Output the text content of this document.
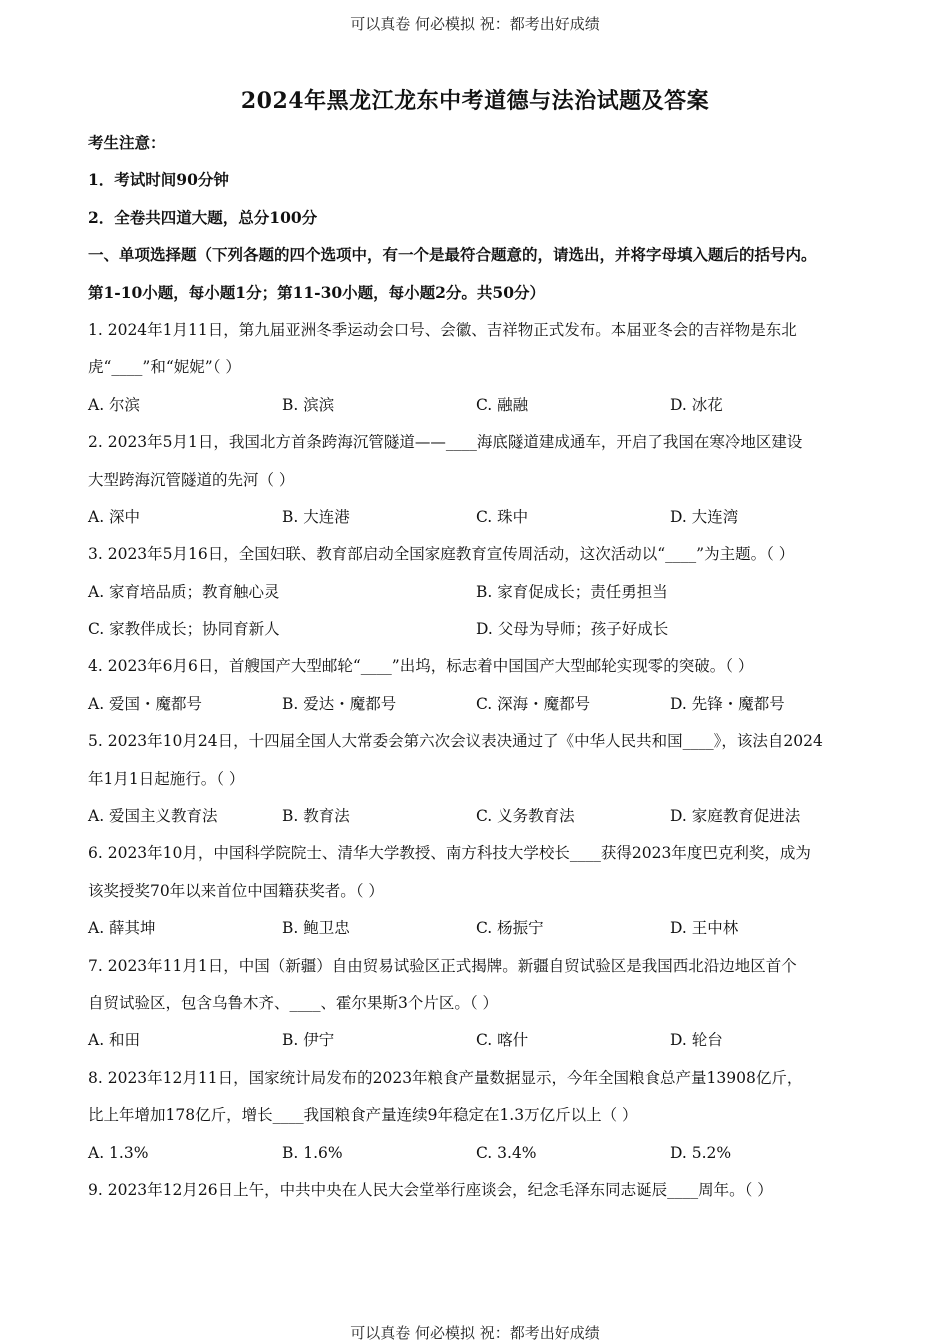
可以真卷 何必模拟 祝：都考出好成绩
2024年黑龙江龙东中考道德与法治试题及答案
考生注意：
1．考试时间90分钟
2．全卷共四道大题，总分100分
一、单项选择题（下列各题的四个选项中，有一个是最符合题意的，请选出，并将字母填入题后的括号内。
第1-10小题，每小题1分；第11-30小题，每小题2分。共50分）
1. 2024年1月11日，第九届亚洲冬季运动会口号、会徽、吉祥物正式发布。本届亚冬会的吉祥物是东北
虎“____”和“妮妮”（ ）
A. 尔滨	B. 滨滨	C. 融融	D. 冰花
2. 2023年5月1日，我国北方首条跨海沉管隧道——____海底隧道建成通车，开启了我国在寒冷地区建设
大型跨海沉管隧道的先河（ ）
A. 深中	B. 大连港	C. 珠中	D. 大连湾
3. 2023年5月16日，全国妇联、教育部启动全国家庭教育宣传周活动，这次活动以“____”为主题。（ ）
A. 家育培品质；教育触心灵	B. 家育促成长；责任勇担当
C. 家教伴成长；协同育新人	D. 父母为导师；孩子好成长
4. 2023年6月6日，首艘国产大型邮轮“____”出坞，标志着中国国产大型邮轮实现零的突破。（ ）
A. 爱国・魔都号	B. 爱达・魔都号	C. 深海・魔都号	D. 先锋・魔都号
5. 2023年10月24日，十四届全国人大常委会第六次会议表决通过了《中华人民共和国____》，该法自2024
年1月1日起施行。（ ）
A. 爱国主义教育法	B. 教育法	C. 义务教育法	D. 家庭教育促进法
6. 2023年10月，中国科学院院士、清华大学教授、南方科技大学校长____获得2023年度巴克利奖，成为
该奖授奖70年以来首位中国籍获奖者。（ ）
A. 薛其坤	B. 鲍卫忠	C. 杨振宁	D. 王中林
7. 2023年11月1日，中国（新疆）自由贸易试验区正式揭牌。新疆自贸试验区是我国西北沿边地区首个
自贸试验区，包含乌鲁木齐、____、霍尔果斯3个片区。（ ）
A. 和田	B. 伊宁	C. 喀什	D. 轮台
8. 2023年12月11日，国家统计局发布的2023年粮食产量数据显示，今年全国粮食总产量13908亿斤，
比上年增加178亿斤，增长____我国粮食产量连续9年稳定在1.3万亿斤以上（ ）
A. 1.3%	B. 1.6%	C. 3.4%	D. 5.2%
9. 2023年12月26日上午，中共中央在人民大会堂举行座谈会，纪念毛泽东同志诞辰____周年。（ ）
可以真卷 何必模拟 祝：都考出好成绩
